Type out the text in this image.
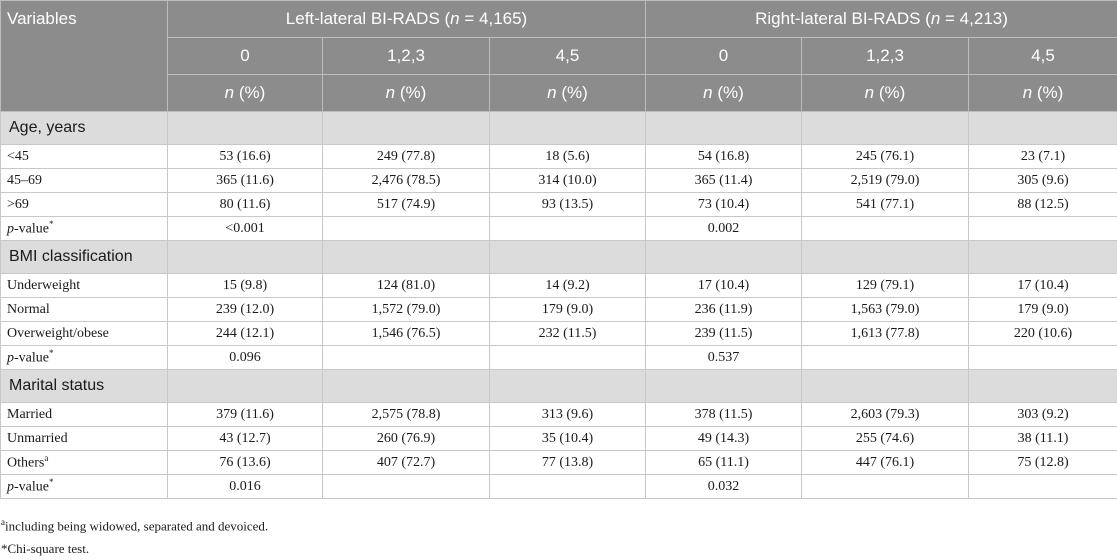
Variables	Left-lateral BI-RADS (n = 4,165)			Right-lateral BI-RADS (n = 4,213)		
	0	1,2,3	4,5	0	1,2,3	4,5
	n (%)	n (%)	n (%)	n (%)	n (%)	n (%)
Age, years						
<45	53 (16.6)	249 (77.8)	18 (5.6)	54 (16.8)	245 (76.1)	23 (7.1)
45–69	365 (11.6)	2,476 (78.5)	314 (10.0)	365 (11.4)	2,519 (79.0)	305 (9.6)
>69	80 (11.6)	517 (74.9)	93 (13.5)	73 (10.4)	541 (77.1)	88 (12.5)
p-value*	<0.001			0.002		
BMI classification						
Underweight	15 (9.8)	124 (81.0)	14 (9.2)	17 (10.4)	129 (79.1)	17 (10.4)
Normal	239 (12.0)	1,572 (79.0)	179 (9.0)	236 (11.9)	1,563 (79.0)	179 (9.0)
Overweight/obese	244 (12.1)	1,546 (76.5)	232 (11.5)	239 (11.5)	1,613 (77.8)	220 (10.6)
p-value*	0.096			0.537		
Marital status						
Married	379 (11.6)	2,575 (78.8)	313 (9.6)	378 (11.5)	2,603 (79.3)	303 (9.2)
Unmarried	43 (12.7)	260 (76.9)	35 (10.4)	49 (14.3)	255 (74.6)	38 (11.1)
Others$^a$	76 (13.6)	407 (72.7)	77 (13.8)	65 (11.1)	447 (76.1)	75 (12.8)
p-value*	0.016			0.032		
$^a$including being widowed, separated and devoiced.
*Chi-square test.
